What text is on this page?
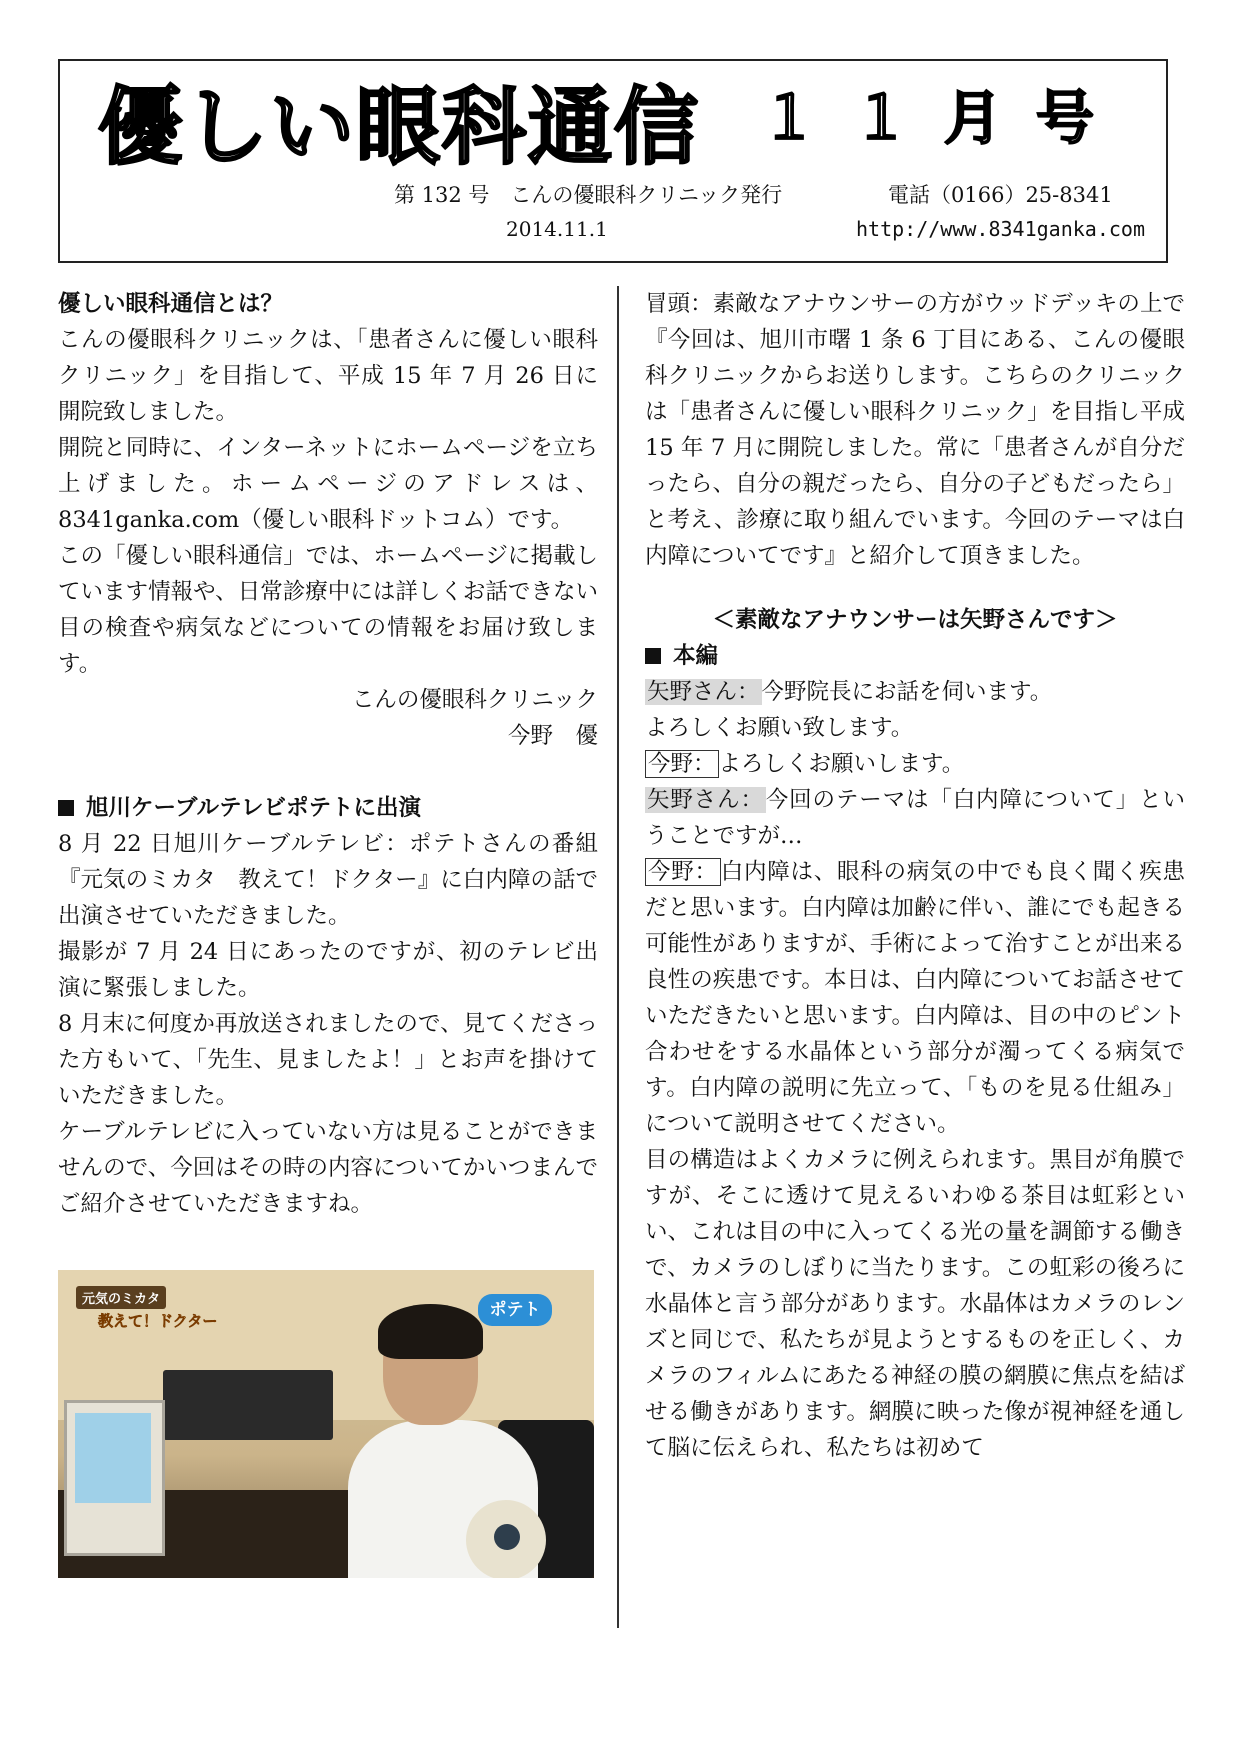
優しい眼科通信 １１月号
第 132 号　こんの優眼科クリニック発行	電話（0166）25-8341
2014.11.1	http://www.8341ganka.com

優しい眼科通信とは？

こんの優眼科クリニックは、「患者さんに優しい眼科クリニック」を目指して、平成 15 年 7 月 26 日に開院致しました。
開院と同時に、インターネットにホームページを立ち上げました。ホームページのアドレスは、8341ganka.com（優しい眼科ドットコム）です。
この「優しい眼科通信」では、ホームページに掲載しています情報や、日常診療中には詳しくお話できない目の検査や病気などについての情報をお届け致します。

こんの優眼科クリニック

今野　優

旭川ケーブルテレビポテトに出演

8 月 22 日旭川ケーブルテレビ：ポテトさんの番組『元気のミカタ　教えて！ドクター』に白内障の話で出演させていただきました。
撮影が 7 月 24 日にあったのですが、初のテレビ出演に緊張しました。
8 月末に何度か再放送されましたので、見てくださった方もいて、「先生、見ましたよ！」とお声を掛けていただきました。
ケーブルテレビに入っていない方は見ることができませんので、今回はその時の内容についてかいつまんでご紹介させていただきますね。

元気のミカタ
教えて！ドクター
ポテト

冒頭：素敵なアナウンサーの方がウッドデッキの上で『今回は、旭川市曙 1 条 6 丁目にある、こんの優眼科クリニックからお送りします。こちらのクリニックは「患者さんに優しい眼科クリニック」を目指し平成 15 年 7 月に開院しました。常に「患者さんが自分だったら、自分の親だったら、自分の子どもだったら」と考え、診療に取り組んでいます。今回のテーマは白内障についてです』と紹介して頂きました。

＜素敵なアナウンサーは矢野さんです＞

本編

矢野さん：今野院長にお話を伺います。
よろしくお願い致します。

今野： よろしくお願いします。

矢野さん：今回のテーマは「白内障について」ということですが…

今野： 白内障は、眼科の病気の中でも良く聞く疾患だと思います。白内障は加齢に伴い、誰にでも起きる可能性がありますが、手術によって治すことが出来る良性の疾患です。本日は、白内障についてお話させていただきたいと思います。白内障は、目の中のピント合わせをする水晶体という部分が濁ってくる病気です。白内障の説明に先立って、「ものを見る仕組み」について説明させてください。
目の構造はよくカメラに例えられます。黒目が角膜ですが、そこに透けて見えるいわゆる茶目は虹彩といい、これは目の中に入ってくる光の量を調節する働きで、カメラのしぼりに当たります。この虹彩の後ろに水晶体と言う部分があります。水晶体はカメラのレンズと同じで、私たちが見ようとするものを正しく、カメラのフィルムにあたる神経の膜の網膜に焦点を結ばせる働きがあります。網膜に映った像が視神経を通して脳に伝えられ、私たちは初めて
